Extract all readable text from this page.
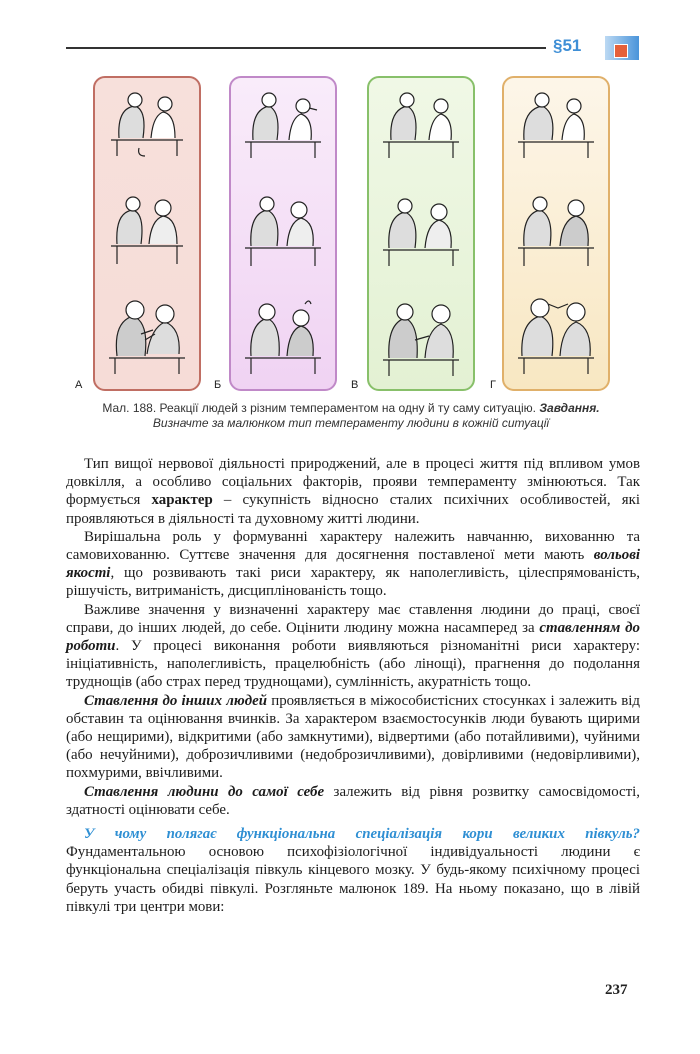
§51
А	Б	В	Г
Мал. 188. Реакції людей з різним темпераментом на одну й ту саму ситуацію. Завдання. Визначте за малюнком тип темпераменту людини в кожній ситуації

Тип вищої нервової діяльності природжений, але в процесі життя під впливом умов довкілля, а особливо соціальних факторів, прояви темпераменту змінюються. Так формується характер – сукупність відносно сталих психічних особливостей, які проявляються в діяльності та духовному житті людини.

Вирішальна роль у формуванні характеру належить навчанню, вихованню та самовихованню. Суттєве значення для досягнення поставленої мети мають вольові якості, що розвивають такі риси характеру, як наполегливість, цілеспрямованість, рішучість, витриманість, дисциплінованість тощо.

Важливе значення у визначенні характеру має ставлення людини до праці, своєї справи, до інших людей, до себе. Оцінити людину можна насамперед за ставленням до роботи. У процесі виконання роботи виявляються різноманітні риси характеру: ініціативність, наполегливість, працелюбність (або лінощі), прагнення до подолання труднощів (або страх перед труднощами), сумлінність, акуратність тощо.

Ставлення до інших людей проявляється в міжособистісних стосунках і залежить від обставин та оцінювання вчинків. За характером взаємостосунків люди бувають щирими (або нещирими), відкритими (або замкнутими), відвертими (або потайливими), чуйними (або нечуйними), доброзичливими (недоброзичливими), довірливими (недовірливими), похмурими, ввічливими.

Ставлення людини до самої себе залежить від рівня розвитку самосвідомості, здатності оцінювати себе.

У чому полягає функціональна спеціалізація кори великих півкуль? Фундаментальною основою психофізіологічної індивідуальності людини є функціональна спеціалізація півкуль кінцевого мозку. У будь-якому психічному процесі беруть участь обидві півкулі. Розгляньте малюнок 189. На ньому показано, що в лівій півкулі три центри мови:

237
